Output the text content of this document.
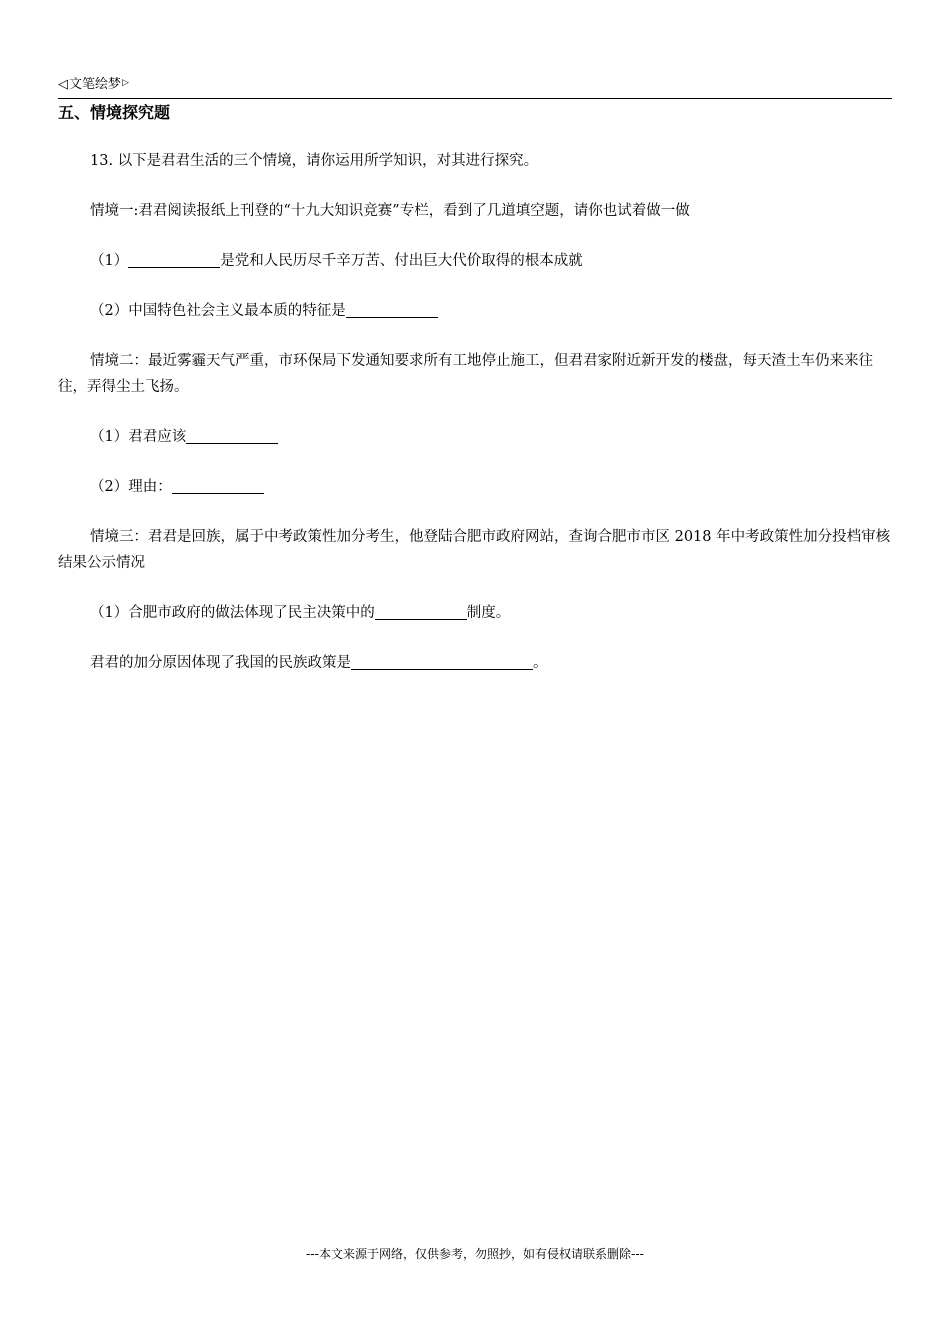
◁ 文笔绘梦 ▷
五、情境探究题

13. 以下是君君生活的三个情境，请你运用所学知识，对其进行探究。

情境一:君君阅读报纸上刊登的“十九大知识竞赛”专栏，看到了几道填空题，请你也试着做一做

（1）	是党和人民历尽千辛万苦、付出巨大代价取得的根本成就

（2）中国特色社会主义最本质的特征是

情境二：最近雾霾天气严重，市环保局下发通知要求所有工地停止施工，但君君家附近新开发的楼盘，每天渣土车仍来来往往，弄得尘土飞扬。

（1）君君应该

（2）理由：

情境三：君君是回族，属于中考政策性加分考生，他登陆合肥市政府网站，查询合肥市市区 2018 年中考政策性加分投档审核结果公示情况

（1）合肥市政府的做法体现了民主决策中的	制度。

君君的加分原因体现了我国的民族政策是	。

---本文来源于网络，仅供参考，勿照抄，如有侵权请联系删除---
